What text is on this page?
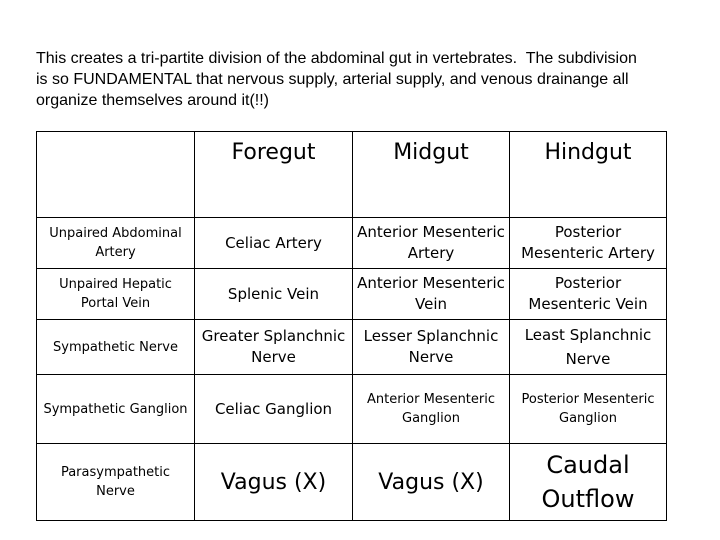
This creates a tri-partite division of the abdominal gut in vertebrates.  The subdivision
is so FUNDAMENTAL that nervous supply, arterial supply, and venous drainange all
organize themselves around it(!!)

	Foregut	Midgut	Hindgut
Unpaired Abdominal Artery	Celiac Artery	Anterior Mesenteric Artery	Posterior Mesenteric Artery
Unpaired Hepatic Portal Vein	Splenic Vein	Anterior Mesenteric Vein	Posterior Mesenteric Vein
Sympathetic Nerve	Greater Splanchnic Nerve	Lesser Splanchnic Nerve	Least Splanchnic Nerve
Sympathetic Ganglion	Celiac Ganglion	Anterior Mesenteric Ganglion	Posterior Mesenteric Ganglion
Parasympathetic Nerve	Vagus (X)	Vagus (X)	Caudal Outflow
